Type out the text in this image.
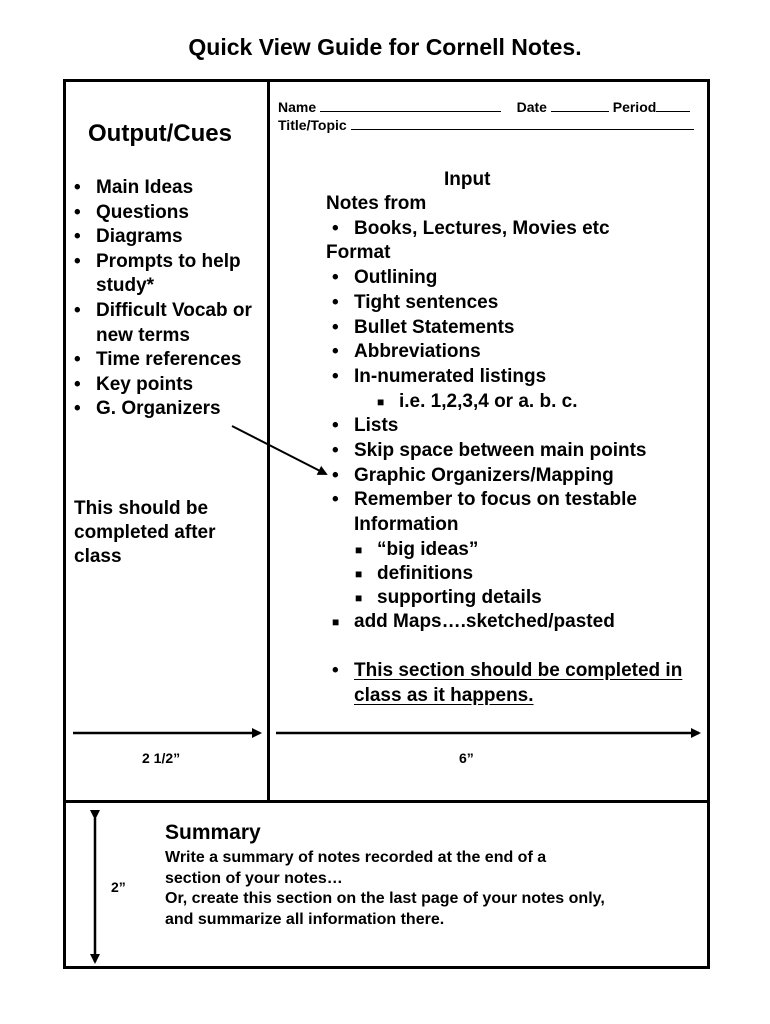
Quick View Guide for Cornell Notes.
Name	Date	Period
Title/Topic
Output/Cues
• Main Ideas
• Questions
• Diagrams
• Prompts to help study*
• Difficult Vocab or new terms
• Time references
• Key points
• G. Organizers
This should be completed after class
Input
Notes from
• Books, Lectures, Movies etc
Format
• Outlining
• Tight sentences
• Bullet Statements
• Abbreviations
• In-numerated listings
■ i.e. 1,2,3,4 or a. b. c.
• Lists
• Skip space between main points
• Graphic Organizers/Mapping
• Remember to focus on testable Information
■ “big ideas”
■ definitions
■ supporting details
■ add Maps….sketched/pasted
• This section should be completed in class as it happens.
2 1/2”	6”
2”
Summary
Write a summary of notes recorded at the end of a
section of your notes…
Or, create this section on the last page of your notes only,
and summarize all information there.
